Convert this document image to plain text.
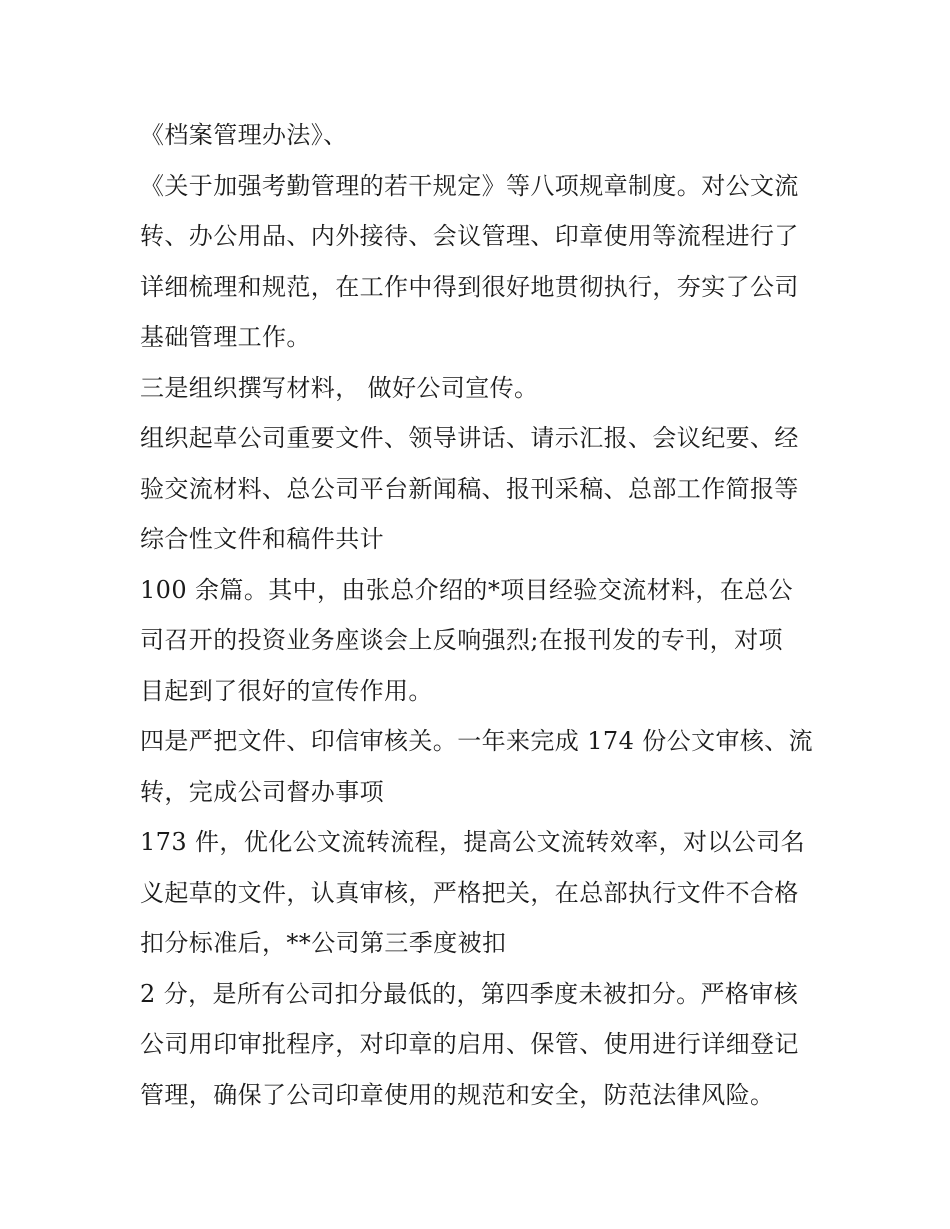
《档案管理办法》、
《关于加强考勤管理的若干规定》等八项规章制度。对公文流
转、办公用品、内外接待、会议管理、印章使用等流程进行了
详细梳理和规范，在工作中得到很好地贯彻执行，夯实了公司
基础管理工作。
三是组织撰写材料， 做好公司宣传。
组织起草公司重要文件、领导讲话、请示汇报、会议纪要、经
验交流材料、总公司平台新闻稿、报刊采稿、总部工作简报等
综合性文件和稿件共计
100 余篇。其中，由张总介绍的*项目经验交流材料，在总公
司召开的投资业务座谈会上反响强烈;在报刊发的专刊，对项
目起到了很好的宣传作用。
四是严把文件、印信审核关。一年来完成 174 份公文审核、流
转，完成公司督办事项
173 件，优化公文流转流程，提高公文流转效率，对以公司名
义起草的文件，认真审核，严格把关，在总部执行文件不合格
扣分标准后，**公司第三季度被扣
2 分，是所有公司扣分最低的，第四季度未被扣分。严格审核
公司用印审批程序，对印章的启用、保管、使用进行详细登记
管理，确保了公司印章使用的规范和安全，防范法律风险。
